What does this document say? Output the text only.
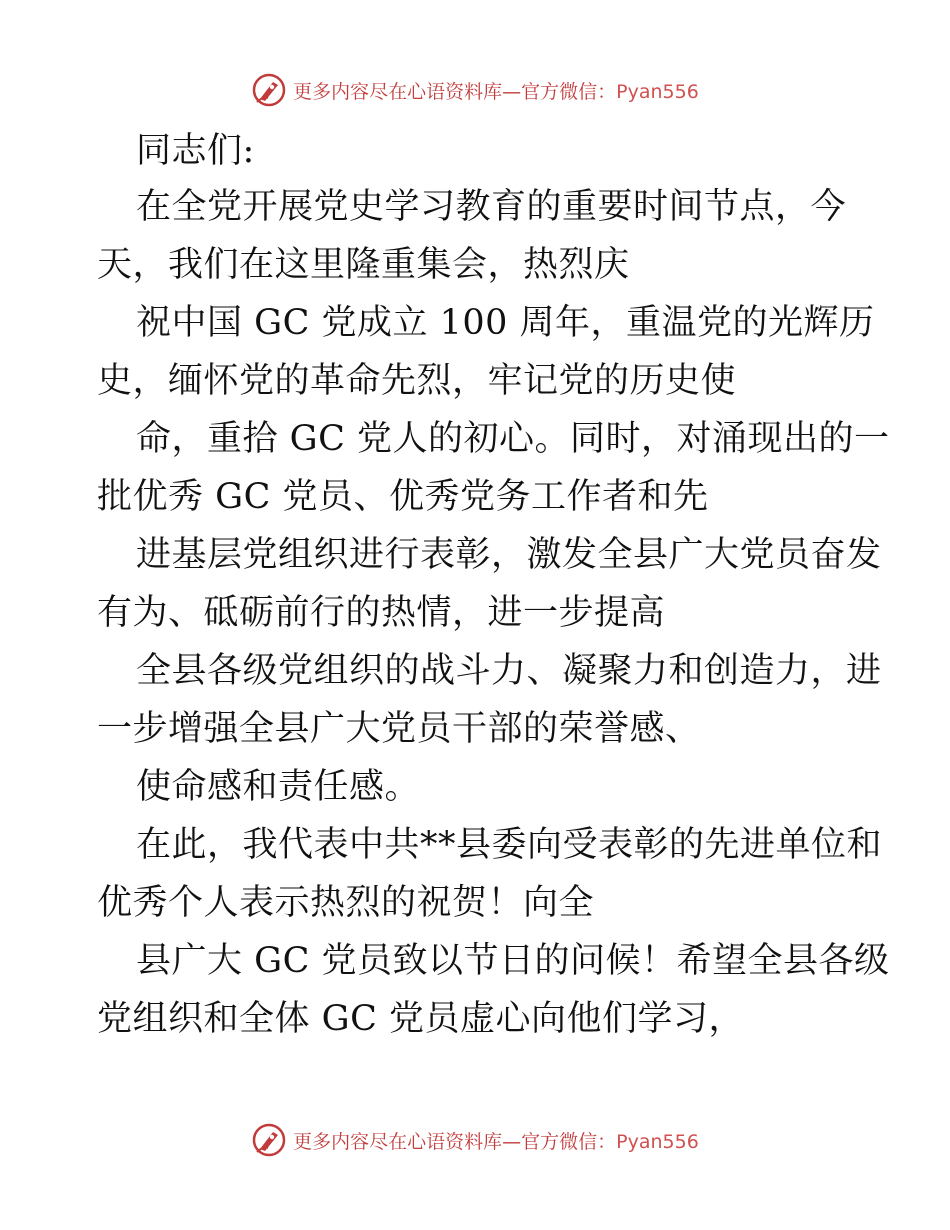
更多内容尽在心语资料库—官方微信：Pyan556
同志们:
在全党开展党史学习教育的重要时间节点，今
天，我们在这里隆重集会，热烈庆
祝中国 GC 党成立 100 周年，重温党的光辉历
史，缅怀党的革命先烈，牢记党的历史使
命，重拾 GC 党人的初心。同时，对涌现出的一
批优秀 GC 党员、优秀党务工作者和先
进基层党组织进行表彰，激发全县广大党员奋发
有为、砥砺前行的热情，进一步提高
全县各级党组织的战斗力、凝聚力和创造力，进
一步增强全县广大党员干部的荣誉感、
使命感和责任感。
在此，我代表中共**县委向受表彰的先进单位和
优秀个人表示热烈的祝贺！向全
县广大 GC 党员致以节日的问候！希望全县各级
党组织和全体 GC 党员虚心向他们学习，
更多内容尽在心语资料库—官方微信：Pyan556
